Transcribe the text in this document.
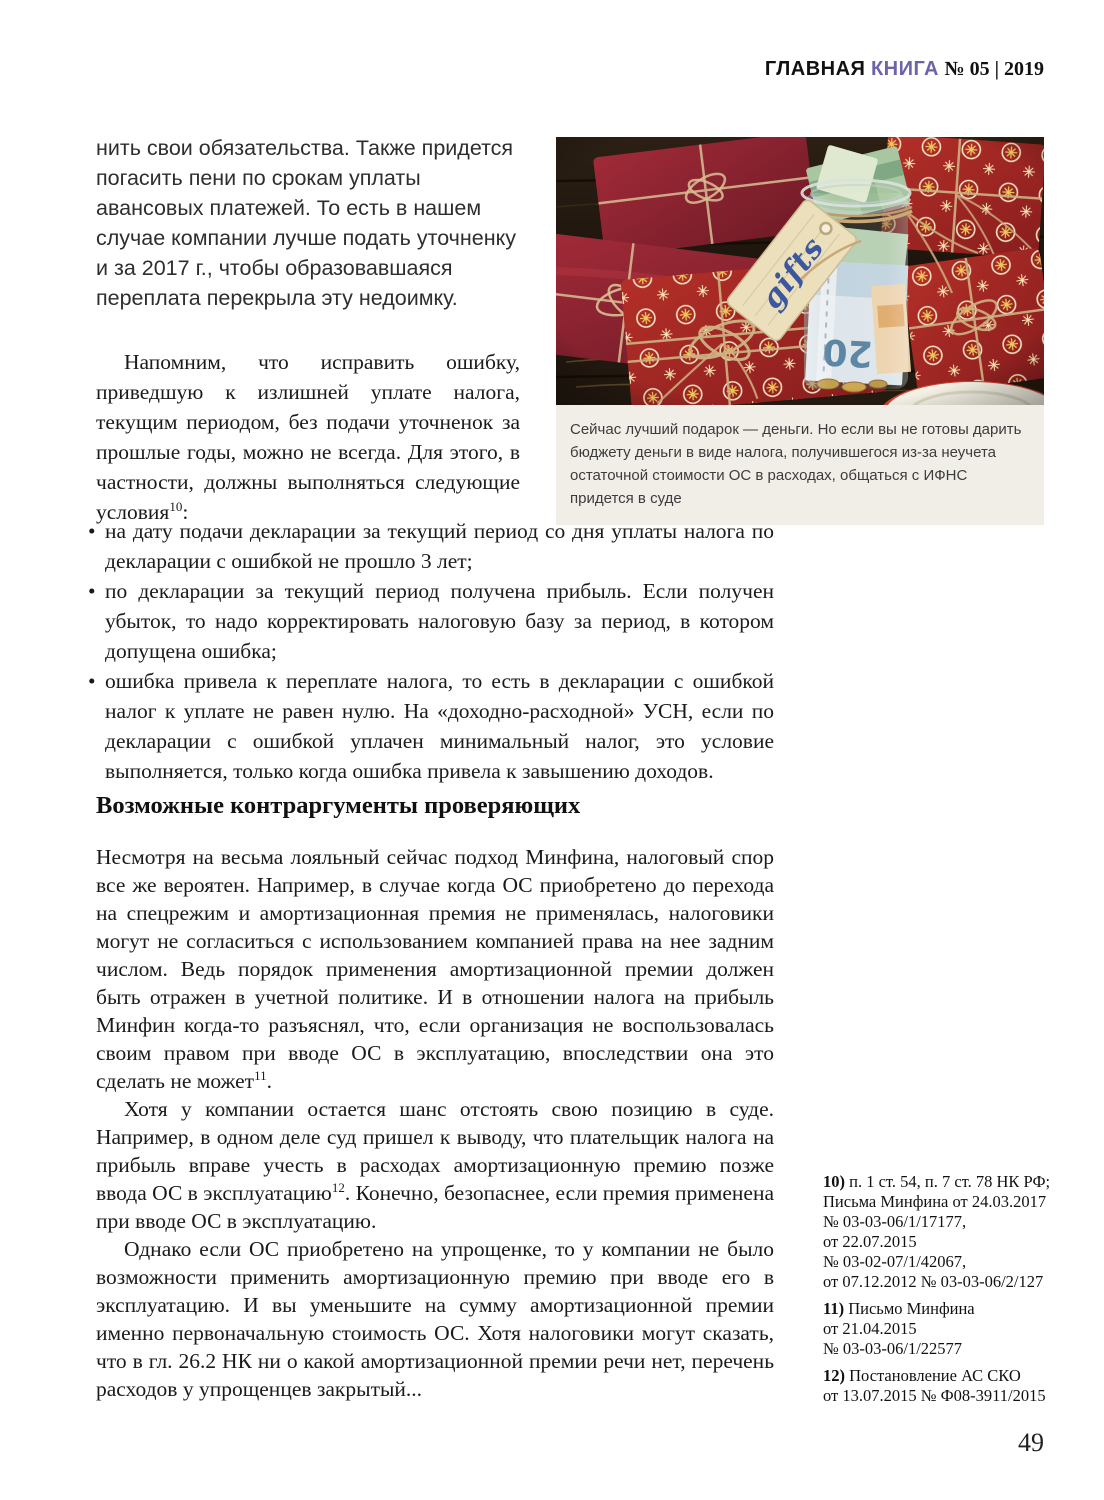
ГЛАВНАЯ КНИГА № 05 | 2019
Сейчас лучший подарок — деньги. Но если вы не готовы дарить бюджету деньги в виде налога, получившегося из-за неучета остаточной стоимости ОС в расходах, общаться с ИФНС придется в суде
нить свои обязательства. Также придется погасить пени по срокам уплаты авансовых платежей. То есть в нашем случае компании лучше подать уточненку и за 2017 г., чтобы образовавшаяся переплата перекрыла эту недоимку.

Напомним, что исправить ошибку, приведшую к излишней уплате налога, текущим периодом, без подачи уточненок за прошлые годы, можно не всегда. Для этого, в частности, должны выполняться следующие условия$^{10}$:

• на дату подачи декларации за текущий период со дня уплаты налога по декларации с ошибкой не прошло 3 лет;
• по декларации за текущий период получена прибыль. Если получен убыток, то надо корректировать налоговую базу за период, в котором допущена ошибка;
• ошибка привела к переплате налога, то есть в декларации с ошибкой налог к уплате не равен нулю. На «доходно-расходной» УСН, если по декларации с ошибкой уплачен минимальный налог, это условие выполняется, только когда ошибка привела к завышению доходов.
Возможные контраргументы проверяющих

Несмотря на весьма лояльный сейчас подход Минфина, налоговый спор все же вероятен. Например, в случае когда ОС приобретено до перехода на спецрежим и амортизационная премия не применялась, налоговики могут не согласиться с использованием компанией права на нее задним числом. Ведь порядок применения амортизационной премии должен быть отражен в учетной политике. И в отношении налога на прибыль Минфин когда-то разъяснял, что, если организация не воспользовалась своим правом при вводе ОС в эксплуатацию, впоследствии она это сделать не может$^{11}$.

Хотя у компании остается шанс отстоять свою позицию в суде. Например, в одном деле суд пришел к выводу, что плательщик налога на прибыль вправе учесть в расходах амортизационную премию позже ввода ОС в эксплуатацию$^{12}$. Конечно, безопаснее, если премия применена при вводе ОС в эксплуатацию.

Однако если ОС приобретено на упрощенке, то у компании не было возможности применить амортизационную премию при вводе его в эксплуатацию. И вы уменьшите на сумму амортизационной премии именно первоначальную стоимость ОС. Хотя налоговики могут сказать, что в гл. 26.2 НК ни о какой амортизационной премии речи нет, перечень расходов у упрощенцев закрытый...

10) п. 1 ст. 54, п. 7 ст. 78 НК РФ;
Письма Минфина от 24.03.2017
№ 03-03-06/1/17177,
от 22.07.2015
№ 03-02-07/1/42067,
от 07.12.2012 № 03-03-06/2/127
11) Письмо Минфина
от 21.04.2015
№ 03-03-06/1/22577
12) Постановление АС СКО
от 13.07.2015 № Ф08-3911/2015
49
